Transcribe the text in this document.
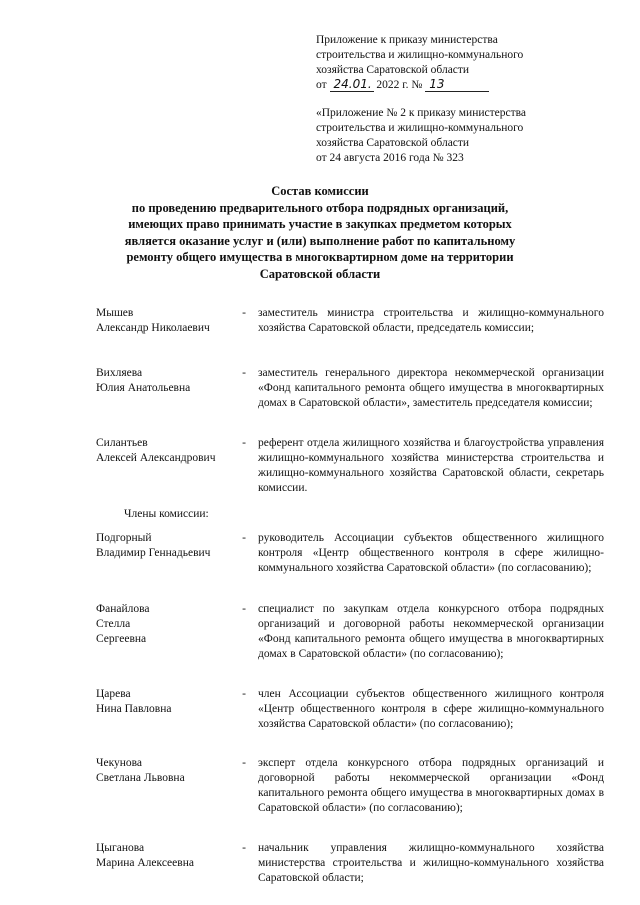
Приложение к приказу министерства
строительства и жилищно-коммунального
хозяйства Саратовской области
от 24.01. 2022 г. № 13
«Приложение № 2 к приказу министерства
строительства и жилищно-коммунального
хозяйства Саратовской области
от 24 августа 2016 года № 323
Состав комиссии
по проведению предварительного отбора подрядных организаций,
имеющих право принимать участие в закупках предметом которых
является оказание услуг и (или) выполнение работ по капитальному
ремонту общего имущества в многоквартирном доме на территории
Саратовской области
Мышев
Александр Николаевич
- заместитель министра строительства и жилищно-коммунального хозяйства Саратовской области, председатель комиссии;
Вихляева
Юлия Анатольевна
- заместитель генерального директора некоммерческой организации «Фонд капитального ремонта общего имущества в многоквартирных домах в Саратовской области», заместитель председателя комиссии;
Силантьев
Алексей Александрович
- референт отдела жилищного хозяйства и благоустройства управления жилищно-коммунального хозяйства министерства строительства и жилищно-коммунального хозяйства Саратовской области, секретарь комиссии.
Подгорный
Владимир Геннадьевич
- руководитель Ассоциации субъектов общественного жилищного контроля «Центр общественного контроля в сфере жилищно-коммунального хозяйства Саратовской области» (по согласованию);
Фанайлова
Стелла
Сергеевна
- специалист по закупкам отдела конкурсного отбора подрядных организаций и договорной работы некоммерческой организации «Фонд капитального ремонта общего имущества в многоквартирных домах в Саратовской области» (по согласованию);
Царева
Нина Павловна
- член Ассоциации субъектов общественного жилищного контроля «Центр общественного контроля в сфере жилищно-коммунального хозяйства Саратовской области» (по согласованию);
Чекунова
Светлана Львовна
- эксперт отдела конкурсного отбора подрядных организаций и договорной работы некоммерческой организации «Фонд капитального ремонта общего имущества в многоквартирных домах в Саратовской области» (по согласованию);
Цыганова
Марина Алексеевна
- начальник управления жилищно-коммунального хозяйства министерства строительства и жилищно-коммунального хозяйства Саратовской области;
Члены комиссии:
